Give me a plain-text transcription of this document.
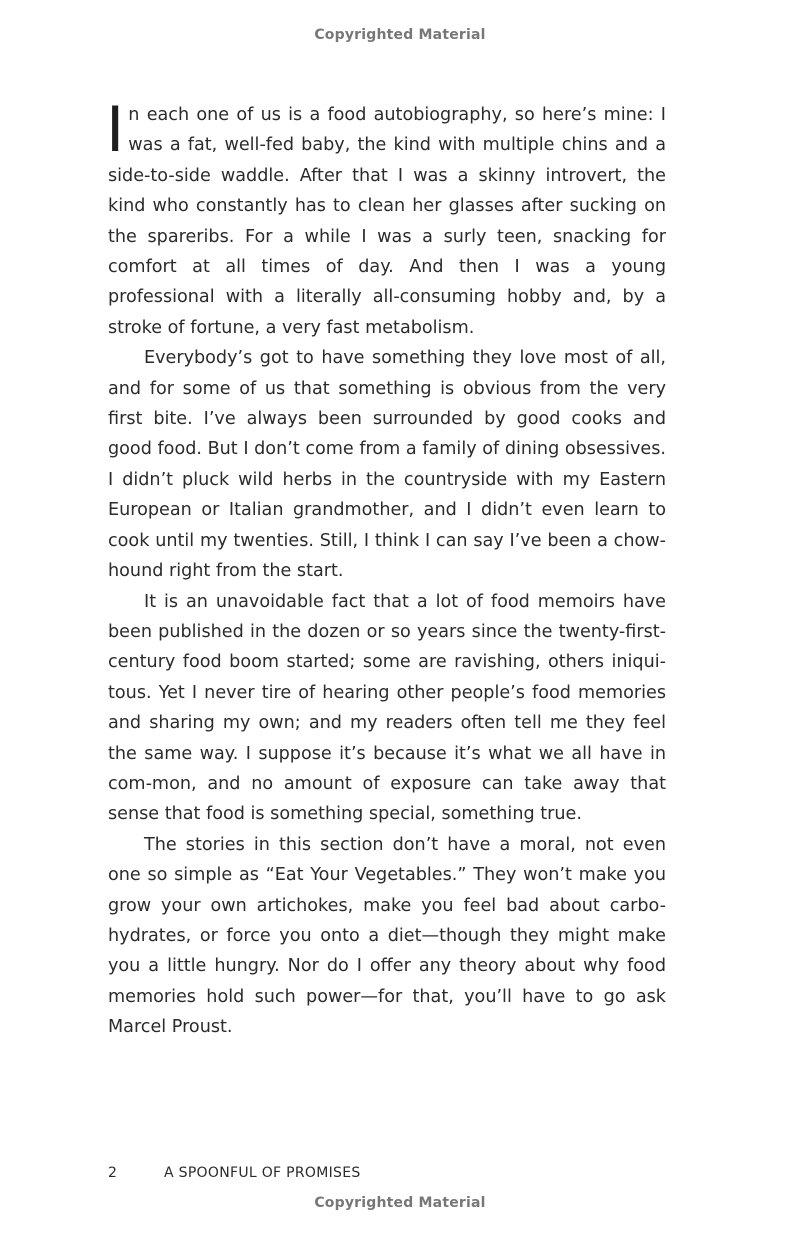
Copyrighted Material

In each one of us is a food autobiography, so here’s mine: I was a fat, well-fed baby, the kind with multiple chins and a side-to-side waddle. After that I was a skinny introvert, the kind who constantly has to clean her glasses after sucking on the spareribs. For a while I was a surly teen, snacking for comfort at all times of day. And then I was a young professional with a literally all-consuming hobby and, by a stroke of fortune, a very fast metabolism.

Everybody’s got to have something they love most of all, and for some of us that something is obvious from the very first bite. I’ve always been surrounded by good cooks and good food. But I don’t come from a family of dining obsessives. I didn’t pluck wild herbs in the countryside with my Eastern European or Italian grandmother, and I didn’t even learn to cook until my twenties. Still, I think I can say I’ve been a chow-hound right from the start.

It is an unavoidable fact that a lot of food memoirs have been published in the dozen or so years since the twenty-first-century food boom started; some are ravishing, others iniqui-tous. Yet I never tire of hearing other people’s food memories and sharing my own; and my readers often tell me they feel the same way. I suppose it’s because it’s what we all have in com-mon, and no amount of exposure can take away that sense that food is something special, something true.

The stories in this section don’t have a moral, not even one so simple as “Eat Your Vegetables.” They won’t make you grow your own artichokes, make you feel bad about carbo-hydrates, or force you onto a diet—though they might make you a little hungry. Nor do I offer any theory about why food memories hold such power—for that, you’ll have to go ask Marcel Proust.

2	A SPOONFUL OF PROMISES
Copyrighted Material
